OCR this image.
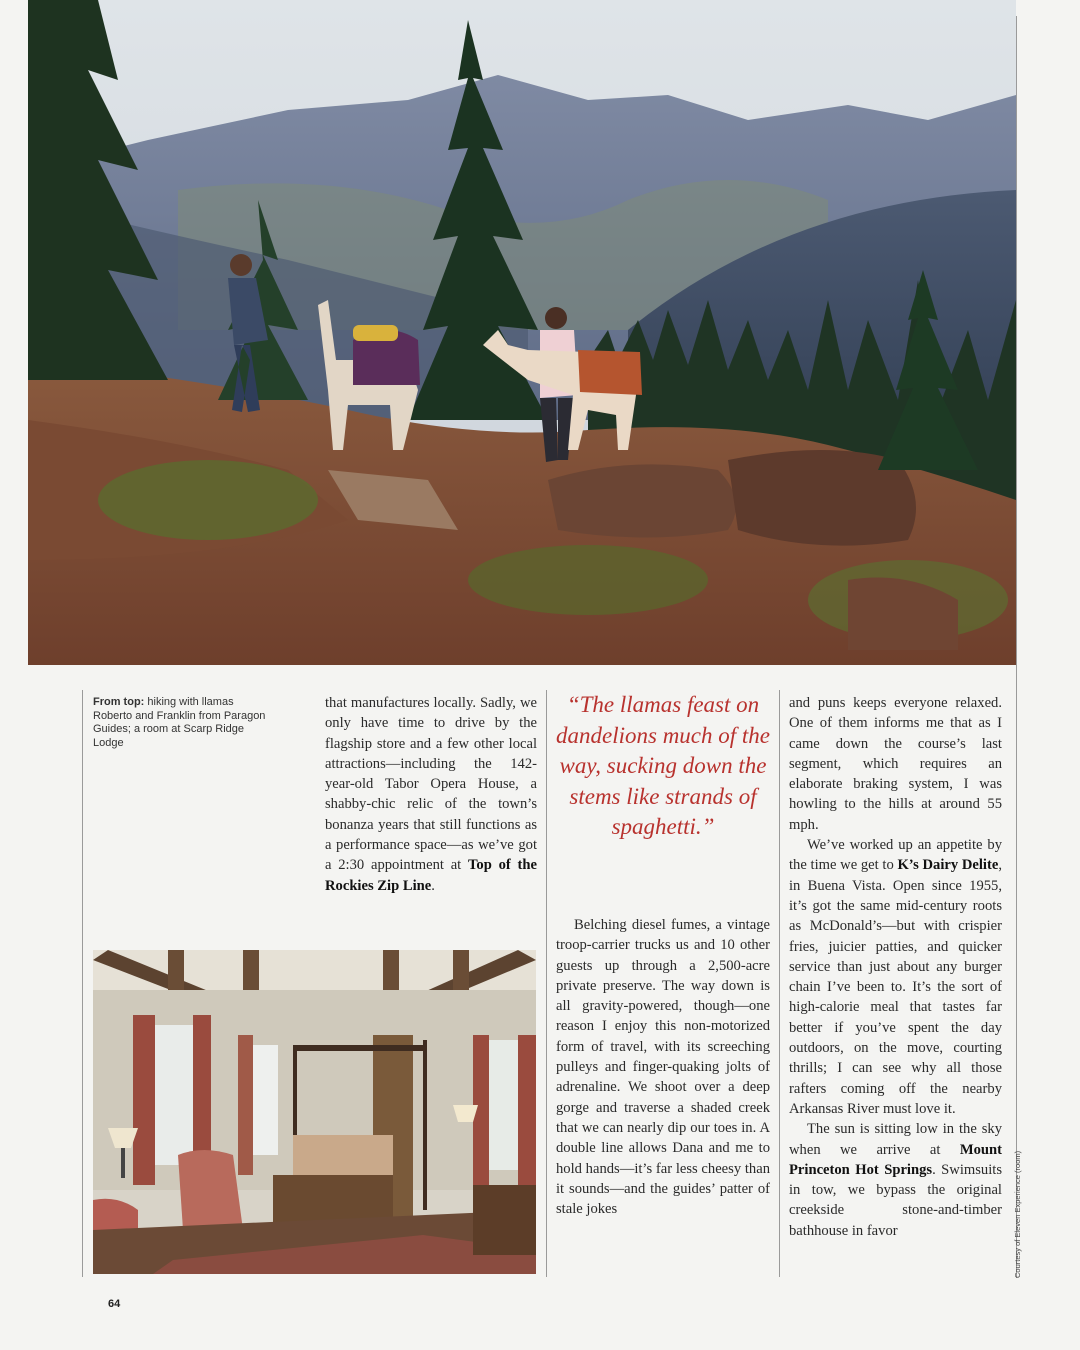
From top: hiking with llamas Roberto and Franklin from Paragon Guides; a room at Scarp Ridge Lodge

that manufactures locally. Sadly, we only have time to drive by the flagship store and a few other local attractions—including the 142-year-old Tabor Opera House, a shabby-chic relic of the town’s bonanza years that still functions as a performance space—as we’ve got a 2:30 appointment at Top of the Rockies Zip Line.

“The llamas feast on dandelions much of the way, sucking down the stems like strands of spaghetti.”

Belching diesel fumes, a vintage troop-carrier trucks us and 10 other guests up through a 2,500-acre private preserve. The way down is all gravity-powered, though—one reason I enjoy this non-motorized form of travel, with its screeching pulleys and finger-quaking jolts of adrenaline. We shoot over a deep gorge and traverse a shaded creek that we can nearly dip our toes in. A double line allows Dana and me to hold hands—it’s far less cheesy than it sounds—and the guides’ patter of stale jokes

and puns keeps everyone relaxed. One of them informs me that as I came down the course’s last segment, which requires an elaborate braking system, I was howling to the hills at around 55 mph.

We’ve worked up an appetite by the time we get to K’s Dairy Delite, in Buena Vista. Open since 1955, it’s got the same mid-century roots as McDonald’s—but with crispier fries, juicier patties, and quicker service than just about any burger chain I’ve been to. It’s the sort of high-calorie meal that tastes far better if you’ve spent the day outdoors, on the move, courting thrills; I can see why all those rafters coming off the nearby Arkansas River must love it.

The sun is sitting low in the sky when we arrive at Mount Princeton Hot Springs. Swimsuits in tow, we bypass the original creekside stone-and-timber bathhouse in favor

64
Courtesy of Eleven Experience (room)
